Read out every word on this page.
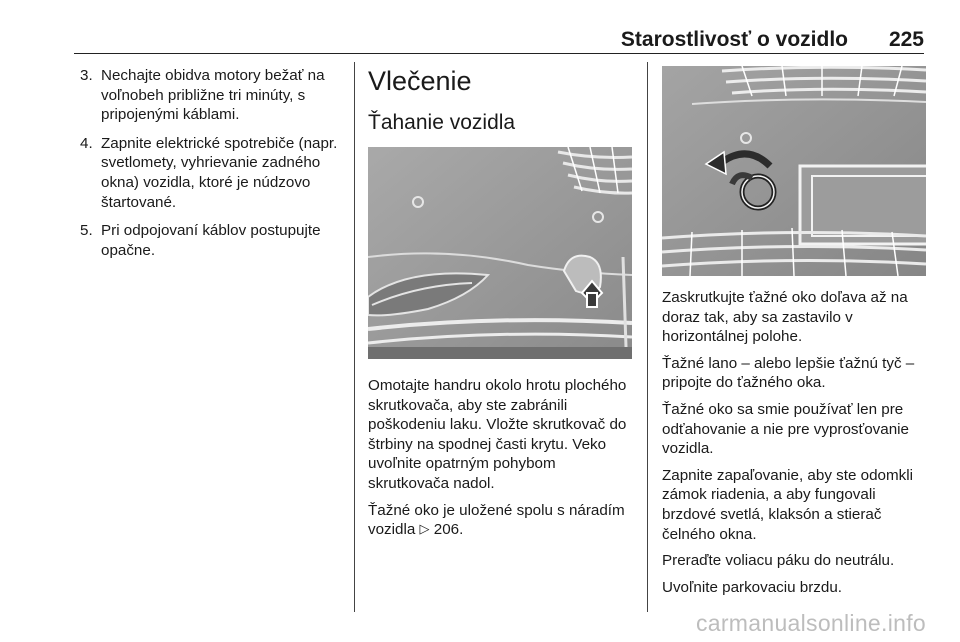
Starostlivosť o vozidlo 225
3. Nechajte obidva motory bežať na voľnobeh približne tri minúty, s pripojenými káblami.
4. Zapnite elektrické spotrebiče (napr. svetlomety, vyhrievanie zadného okna) vozidla, ktoré je núdzovo štartované.
5. Pri odpojovaní káblov postupujte opačne.
Vlečenie
Ťahanie vozidla

Omotajte handru okolo hrotu plochého skrutkovača, aby ste zabránili poškodeniu laku. Vložte skrutkovač do štrbiny na spodnej časti krytu. Veko uvoľnite opatrným pohybom skrutkovača nadol.

Ťažné oko je uložené spolu s náradím vozidla ▷ 206.

Zaskrutkujte ťažné oko doľava až na doraz tak, aby sa zastavilo v horizontálnej polohe.

Ťažné lano – alebo lepšie ťažnú tyč – pripojte do ťažného oka.

Ťažné oko sa smie používať len pre odťahovanie a nie pre vyprosťovanie vozidla.

Zapnite zapaľovanie, aby ste odomkli zámok riadenia, a aby fungovali brzdové svetlá, klaksón a stierač čelného okna.

Preraďte voliacu páku do neutrálu.

Uvoľnite parkovaciu brzdu.

carmanualsonline.info
